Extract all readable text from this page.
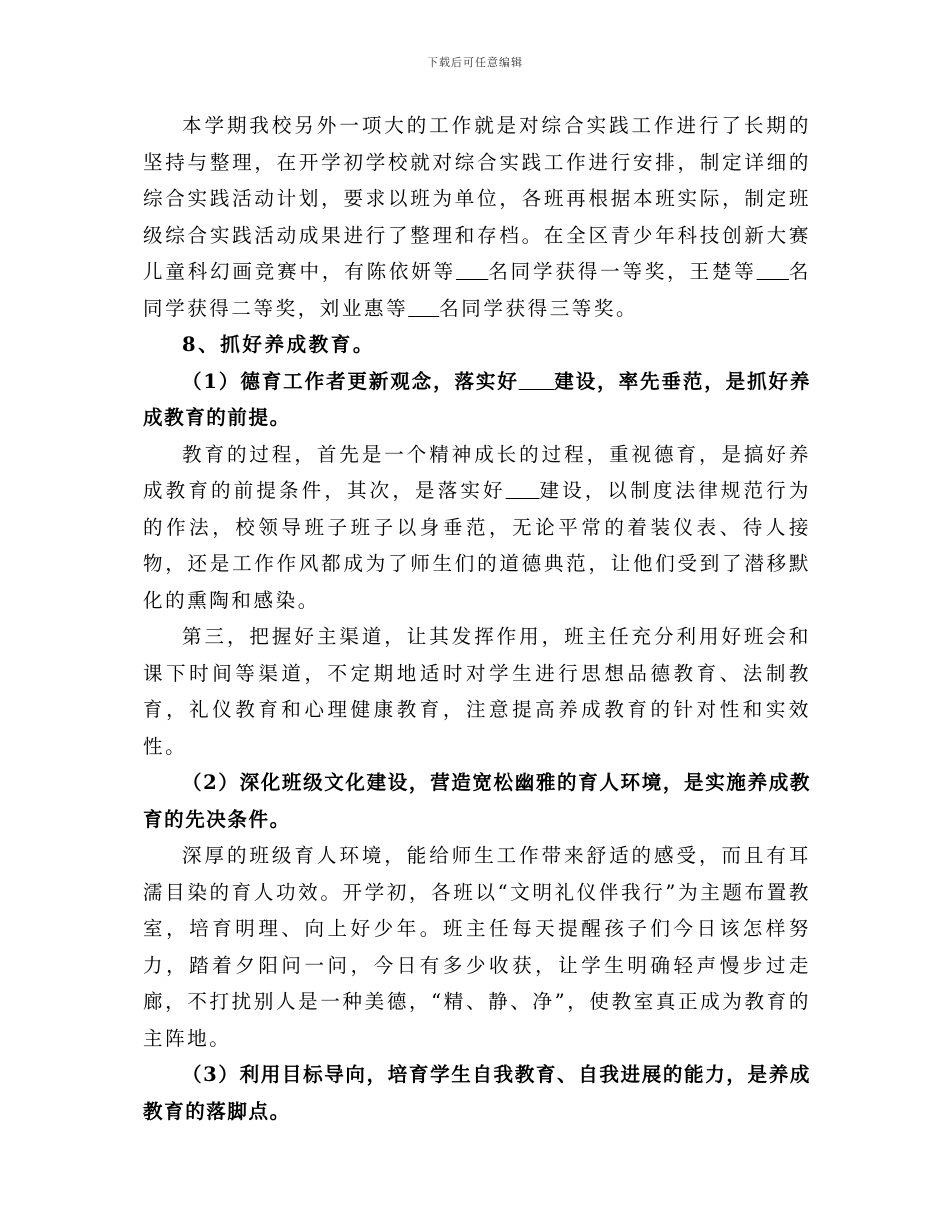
下载后可任意编辑

本学期我校另外一项大的工作就是对综合实践工作进行了长期的坚持与整理，在开学初学校就对综合实践工作进行安排，制定详细的综合实践活动计划，要求以班为单位，各班再根据本班实际，制定班级综合实践活动成果进行了整理和存档。在全区青少年科技创新大赛儿童科幻画竞赛中，有陈依妍等 名同学获得一等奖，王楚等 名同学获得二等奖，刘业惠等 名同学获得三等奖。

8、抓好养成教育。

（1）德育工作者更新观念，落实好 建设，率先垂范，是抓好养成教育的前提。

教育的过程，首先是一个精神成长的过程，重视德育，是搞好养成教育的前提条件，其次，是落实好 建设，以制度法律规范行为的作法，校领导班子班子以身垂范，无论平常的着装仪表、待人接物，还是工作作风都成为了师生们的道德典范，让他们受到了潜移默化的熏陶和感染。

第三，把握好主渠道，让其发挥作用，班主任充分利用好班会和课下时间等渠道，不定期地适时对学生进行思想品德教育、法制教育，礼仪教育和心理健康教育，注意提高养成教育的针对性和实效性。

（2）深化班级文化建设，营造宽松幽雅的育人环境，是实施养成教育的先决条件。

深厚的班级育人环境，能给师生工作带来舒适的感受，而且有耳濡目染的育人功效。开学初，各班以“文明礼仪伴我行”为主题布置教室，培育明理、向上好少年。班主任每天提醒孩子们今日该怎样努力，踏着夕阳问一问，今日有多少收获，让学生明确轻声慢步过走廊，不打扰别人是一种美德，“精、静、净”，使教室真正成为教育的主阵地。

（3）利用目标导向，培育学生自我教育、自我进展的能力，是养成教育的落脚点。
